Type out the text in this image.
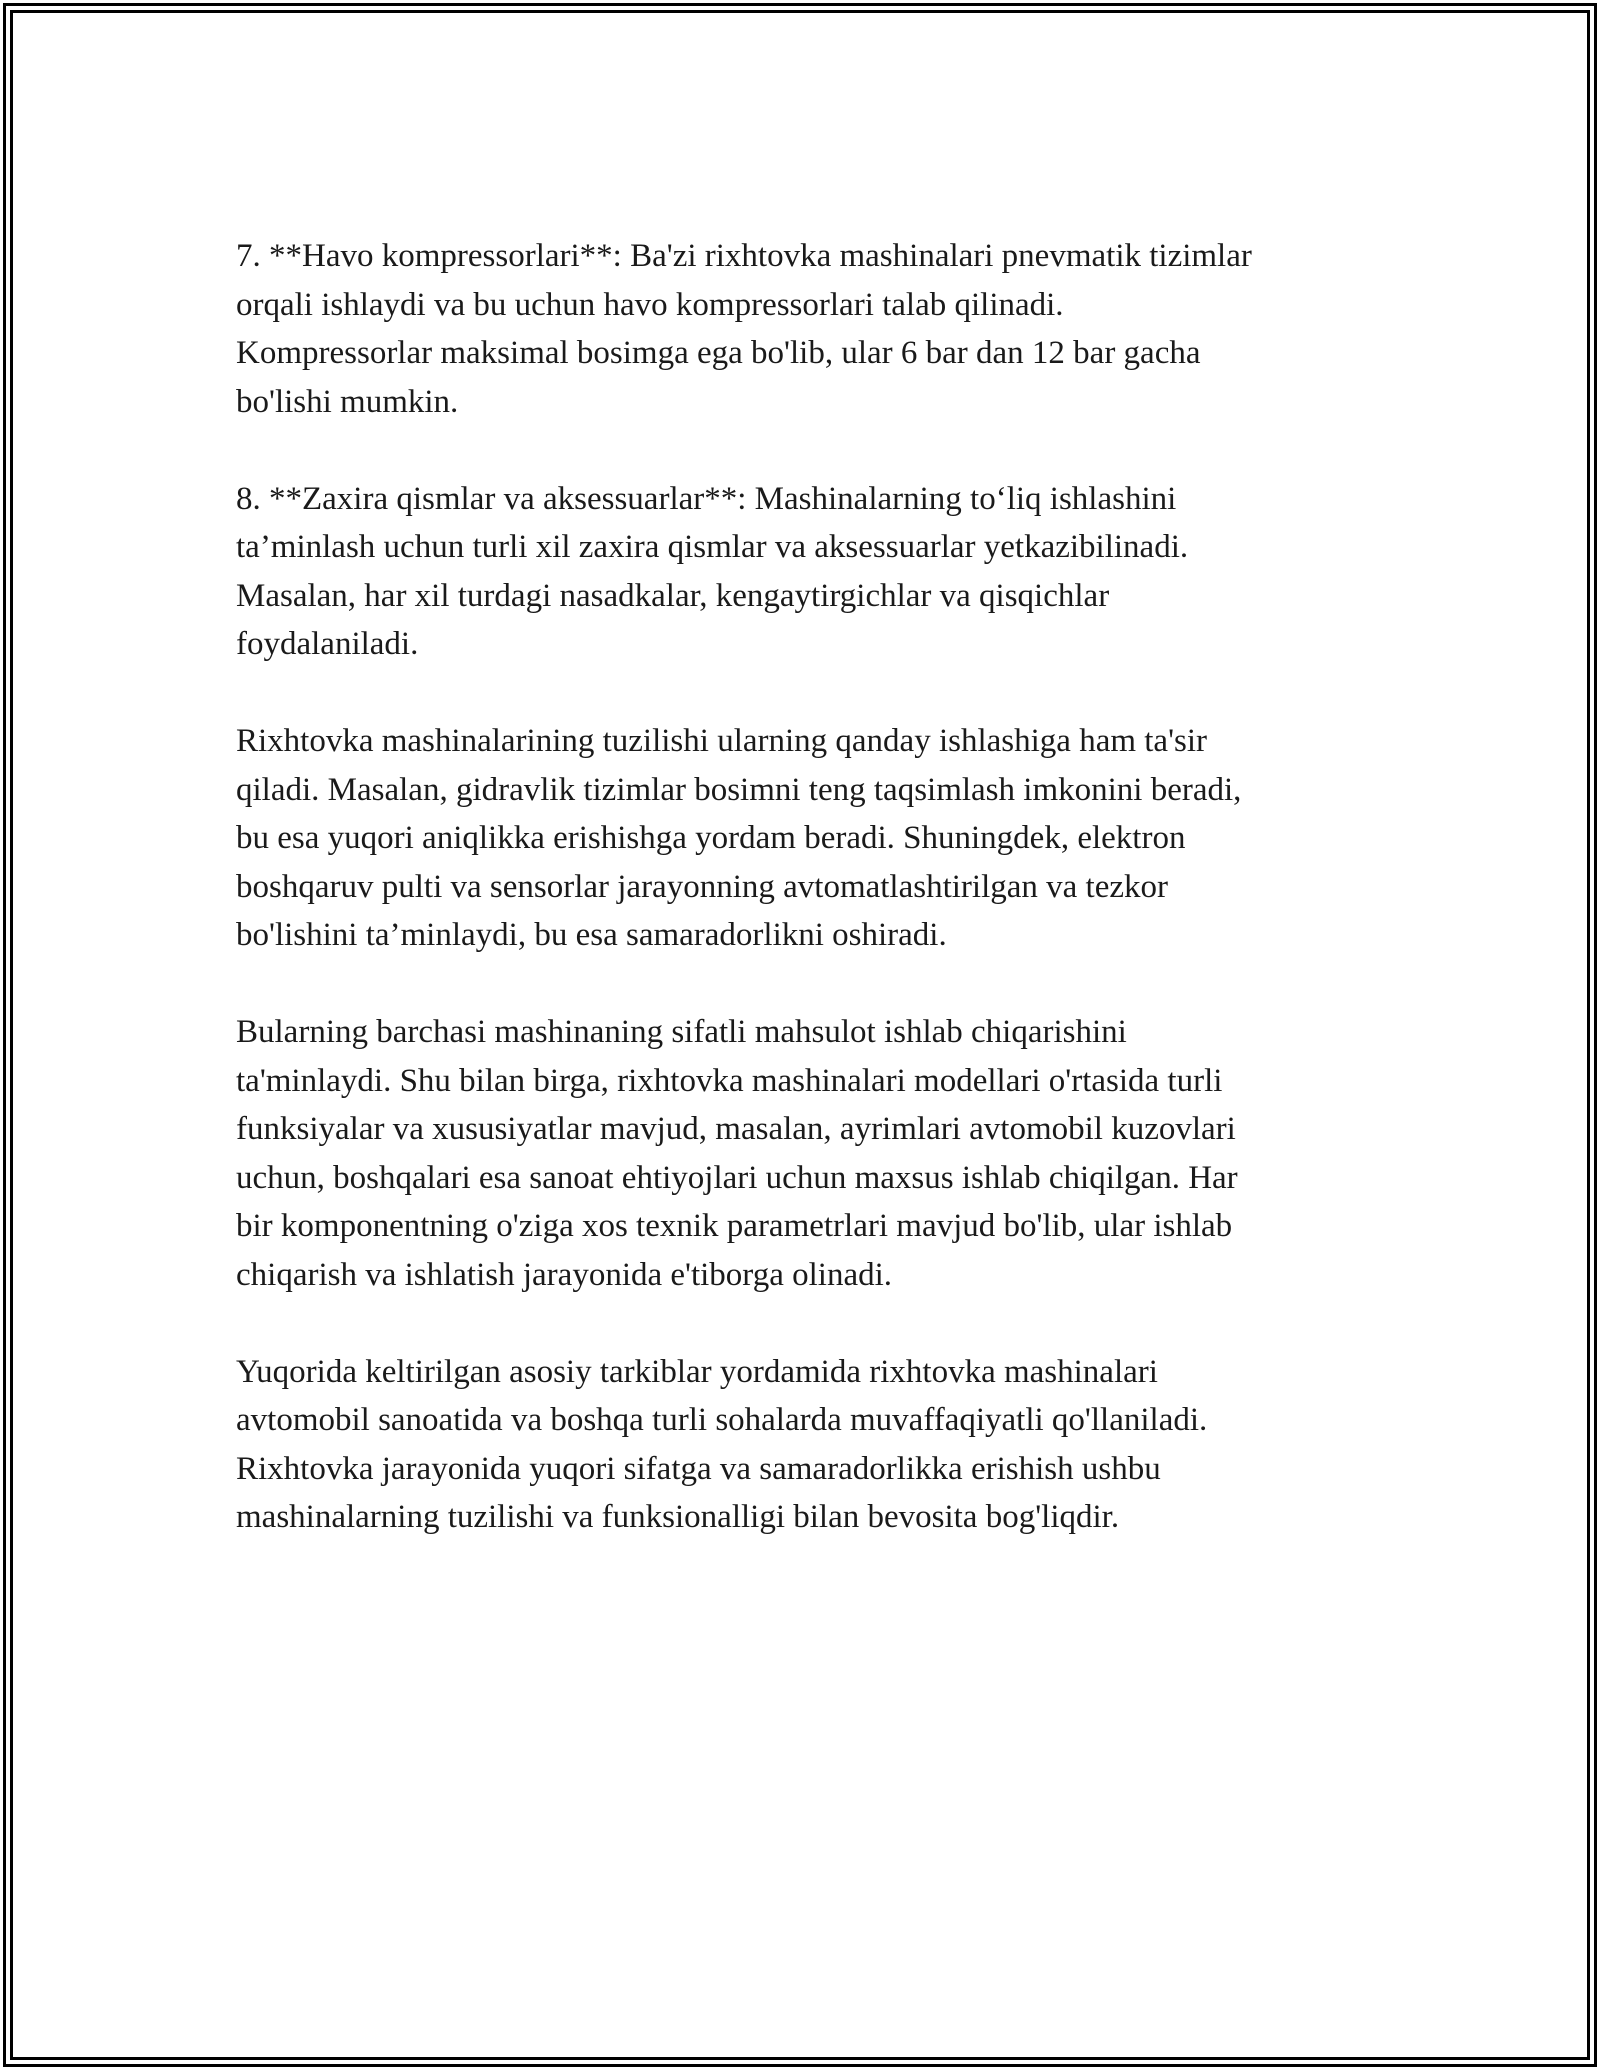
7. **Havo kompressorlari**: Ba'zi rixhtovka mashinalari pnevmatik tizimlar
orqali ishlaydi va bu uchun havo kompressorlari talab qilinadi.
Kompressorlar maksimal bosimga ega bo'lib, ular 6 bar dan 12 bar gacha
bo'lishi mumkin.

8. **Zaxira qismlar va aksessuarlar**: Mashinalarning to‘liq ishlashini
ta’minlash uchun turli xil zaxira qismlar va aksessuarlar yetkazibilinadi.
Masalan, har xil turdagi nasadkalar, kengaytirgichlar va qisqichlar
foydalaniladi.

Rixhtovka mashinalarining tuzilishi ularning qanday ishlashiga ham ta'sir
qiladi. Masalan, gidravlik tizimlar bosimni teng taqsimlash imkonini beradi,
bu esa yuqori aniqlikka erishishga yordam beradi. Shuningdek, elektron
boshqaruv pulti va sensorlar jarayonning avtomatlashtirilgan va tezkor
bo'lishini ta’minlaydi, bu esa samaradorlikni oshiradi.

Bularning barchasi mashinaning sifatli mahsulot ishlab chiqarishini
ta'minlaydi. Shu bilan birga, rixhtovka mashinalari modellari o'rtasida turli
funksiyalar va xususiyatlar mavjud, masalan, ayrimlari avtomobil kuzovlari
uchun, boshqalari esa sanoat ehtiyojlari uchun maxsus ishlab chiqilgan. Har
bir komponentning o'ziga xos texnik parametrlari mavjud bo'lib, ular ishlab
chiqarish va ishlatish jarayonida e'tiborga olinadi.

Yuqorida keltirilgan asosiy tarkiblar yordamida rixhtovka mashinalari
avtomobil sanoatida va boshqa turli sohalarda muvaffaqiyatli qo'llaniladi.
Rixhtovka jarayonida yuqori sifatga va samaradorlikka erishish ushbu
mashinalarning tuzilishi va funksionalligi bilan bevosita bog'liqdir.
